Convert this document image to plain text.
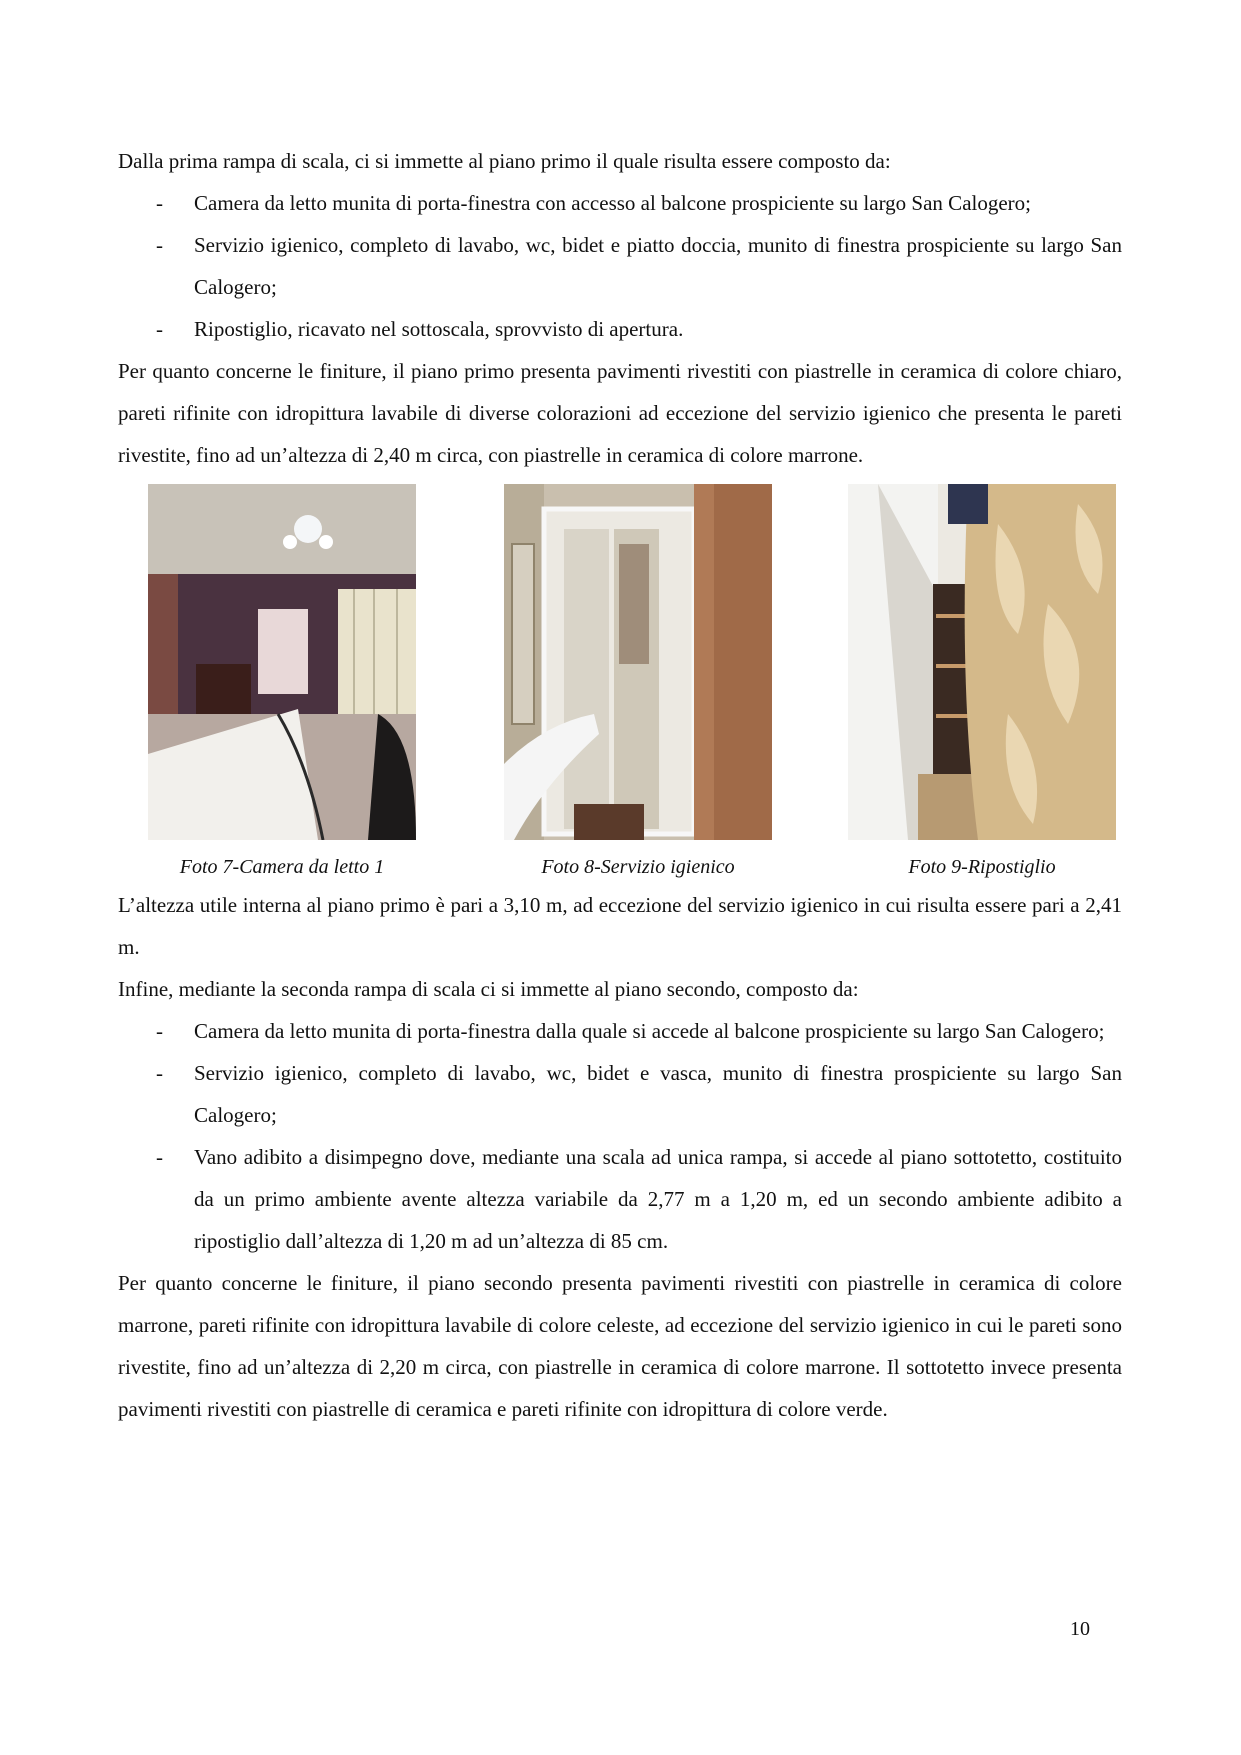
Dalla prima rampa di scala, ci si immette al piano primo il quale risulta essere composto da:

- Camera da letto munita di porta-finestra con accesso al balcone prospiciente su largo San Calogero;
- Servizio igienico, completo di lavabo, wc, bidet e piatto doccia, munito di finestra prospiciente su largo San Calogero;
- Ripostiglio, ricavato nel sottoscala, sprovvisto di apertura.

Per quanto concerne le finiture, il piano primo presenta pavimenti rivestiti con piastrelle in ceramica di colore chiaro, pareti rifinite con idropittura lavabile di diverse colorazioni ad eccezione del servizio igienico che presenta le pareti rivestite, fino ad un’altezza di 2,40 m circa, con piastrelle in ceramica di colore marrone.

Foto 7-Camera da letto 1	Foto 8-Servizio igienico	Foto 9-Ripostiglio

L’altezza utile interna al piano primo è pari a 3,10 m, ad eccezione del servizio igienico in cui risulta essere pari a 2,41 m.

Infine, mediante la seconda rampa di scala ci si immette al piano secondo, composto da:

- Camera da letto munita di porta-finestra dalla quale si accede al balcone prospiciente su largo San Calogero;
- Servizio igienico, completo di lavabo, wc, bidet e vasca, munito di finestra prospiciente su largo San Calogero;
- Vano adibito a disimpegno dove, mediante una scala ad unica rampa, si accede al piano sottotetto, costituito da un primo ambiente avente altezza variabile da 2,77 m a 1,20 m, ed un secondo ambiente adibito a ripostiglio dall’altezza di 1,20 m ad un’altezza di 85 cm.

Per quanto concerne le finiture, il piano secondo presenta pavimenti rivestiti con piastrelle in ceramica di colore marrone, pareti rifinite con idropittura lavabile di colore celeste, ad eccezione del servizio igienico in cui le pareti sono rivestite, fino ad un’altezza di 2,20 m circa, con piastrelle in ceramica di colore marrone. Il sottotetto invece presenta pavimenti rivestiti con piastrelle di ceramica e pareti rifinite con idropittura di colore verde.

10
